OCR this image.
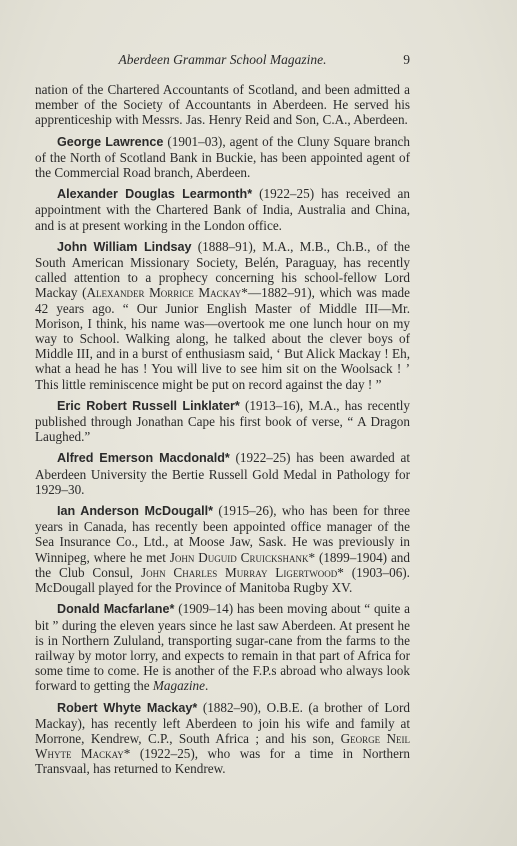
Aberdeen Grammar School Magazine.	9

nation of the Chartered Accountants of Scotland, and been admitted a member of the Society of Accountants in Aberdeen. He served his apprenticeship with Messrs. Jas. Henry Reid and Son, C.A., Aberdeen.

George Lawrence (1901–03), agent of the Cluny Square branch of the North of Scotland Bank in Buckie, has been appointed agent of the Commercial Road branch, Aberdeen.

Alexander Douglas Learmonth* (1922–25) has received an appointment with the Chartered Bank of India, Australia and China, and is at present working in the London office.

John William Lindsay (1888–91), M.A., M.B., Ch.B., of the South American Missionary Society, Belén, Paraguay, has recently called attention to a prophecy concerning his school-fellow Lord Mackay (Alexander Morrice Mackay*—1882–91), which was made 42 years ago. “ Our Junior English Master of Middle III—Mr. Morison, I think, his name was—overtook me one lunch hour on my way to School. Walking along, he talked about the clever boys of Middle III, and in a burst of enthusiasm said, ‘ But Alick Mackay ! Eh, what a head he has ! You will live to see him sit on the Woolsack ! ’ This little reminiscence might be put on record against the day ! ”

Eric Robert Russell Linklater* (1913–16), M.A., has recently published through Jonathan Cape his first book of verse, “ A Dragon Laughed.”

Alfred Emerson Macdonald* (1922–25) has been awarded at Aberdeen University the Bertie Russell Gold Medal in Pathology for 1929–30.

Ian Anderson McDougall* (1915–26), who has been for three years in Canada, has recently been appointed office manager of the Sea Insurance Co., Ltd., at Moose Jaw, Sask. He was previously in Winnipeg, where he met John Duguid Cruickshank* (1899–1904) and the Club Consul, John Charles Murray Ligertwood* (1903–06). McDougall played for the Province of Manitoba Rugby XV.

Donald Macfarlane* (1909–14) has been moving about “ quite a bit ” during the eleven years since he last saw Aberdeen. At present he is in Northern Zululand, transporting sugar-cane from the farms to the railway by motor lorry, and expects to remain in that part of Africa for some time to come. He is another of the F.P.s abroad who always look forward to getting the Magazine.

Robert Whyte Mackay* (1882–90), O.B.E. (a brother of Lord Mackay), has recently left Aberdeen to join his wife and family at Morrone, Kendrew, C.P., South Africa ; and his son, George Neil Whyte Mackay* (1922–25), who was for a time in Northern Transvaal, has returned to Kendrew.
